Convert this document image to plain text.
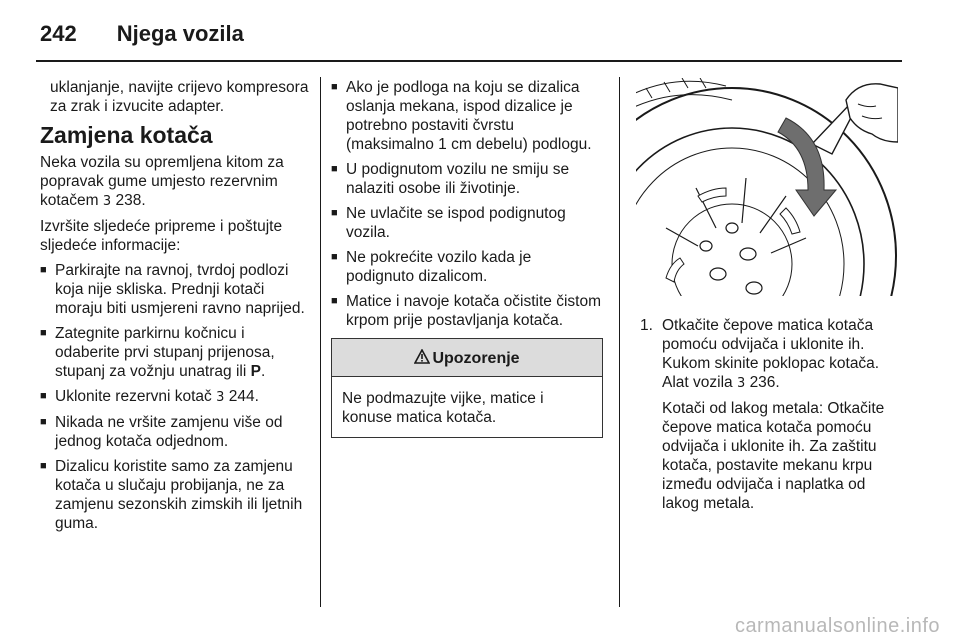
242 Njega vozila

uklanjanje, navijte crijevo kompresora za zrak i izvucite adapter.

Zamjena kotača

Neka vozila su opremljena kitom za popravak gume umjesto rezervnim kotačem 3 238.

Izvršite sljedeće pripreme i poštujte sljedeće informacije:

■ Parkirajte na ravnoj, tvrdoj podlozi koja nije skliska. Prednji kotači moraju biti usmjereni ravno naprijed.
■ Zategnite parkirnu kočnicu i odaberite prvi stupanj prijenosa, stupanj za vožnju unatrag ili P.
■ Uklonite rezervni kotač 3 244.
■ Nikada ne vršite zamjenu više od jednog kotača odjednom.
■ Dizalicu koristite samo za zamjenu kotača u slučaju probijanja, ne za zamjenu sezonskih zimskih ili ljetnih guma.
■ Ako je podloga na koju se dizalica oslanja mekana, ispod dizalice je potrebno postaviti čvrstu (maksimalno 1 cm debelu) podlogu.
■ U podignutom vozilu ne smiju se nalaziti osobe ili životinje.
■ Ne uvlačite se ispod podignutog vozila.
■ Ne pokrećite vozilo kada je podignuto dizalicom.
■ Matice i navoje kotača očistite čistom krpom prije postavljanja kotača.
Upozorenje
Ne podmazujte vijke, matice i konuse matica kotača.
1. Otkačite čepove matica kotača pomoću odvijača i uklonite ih. Kukom skinite poklopac kotača. Alat vozila 3 236.

Kotači od lakog metala: Otkačite čepove matica kotača pomoću odvijača i uklonite ih. Za zaštitu kotača, postavite mekanu krpu između odvijača i naplatka od lakog metala.

carmanualsonline.info
